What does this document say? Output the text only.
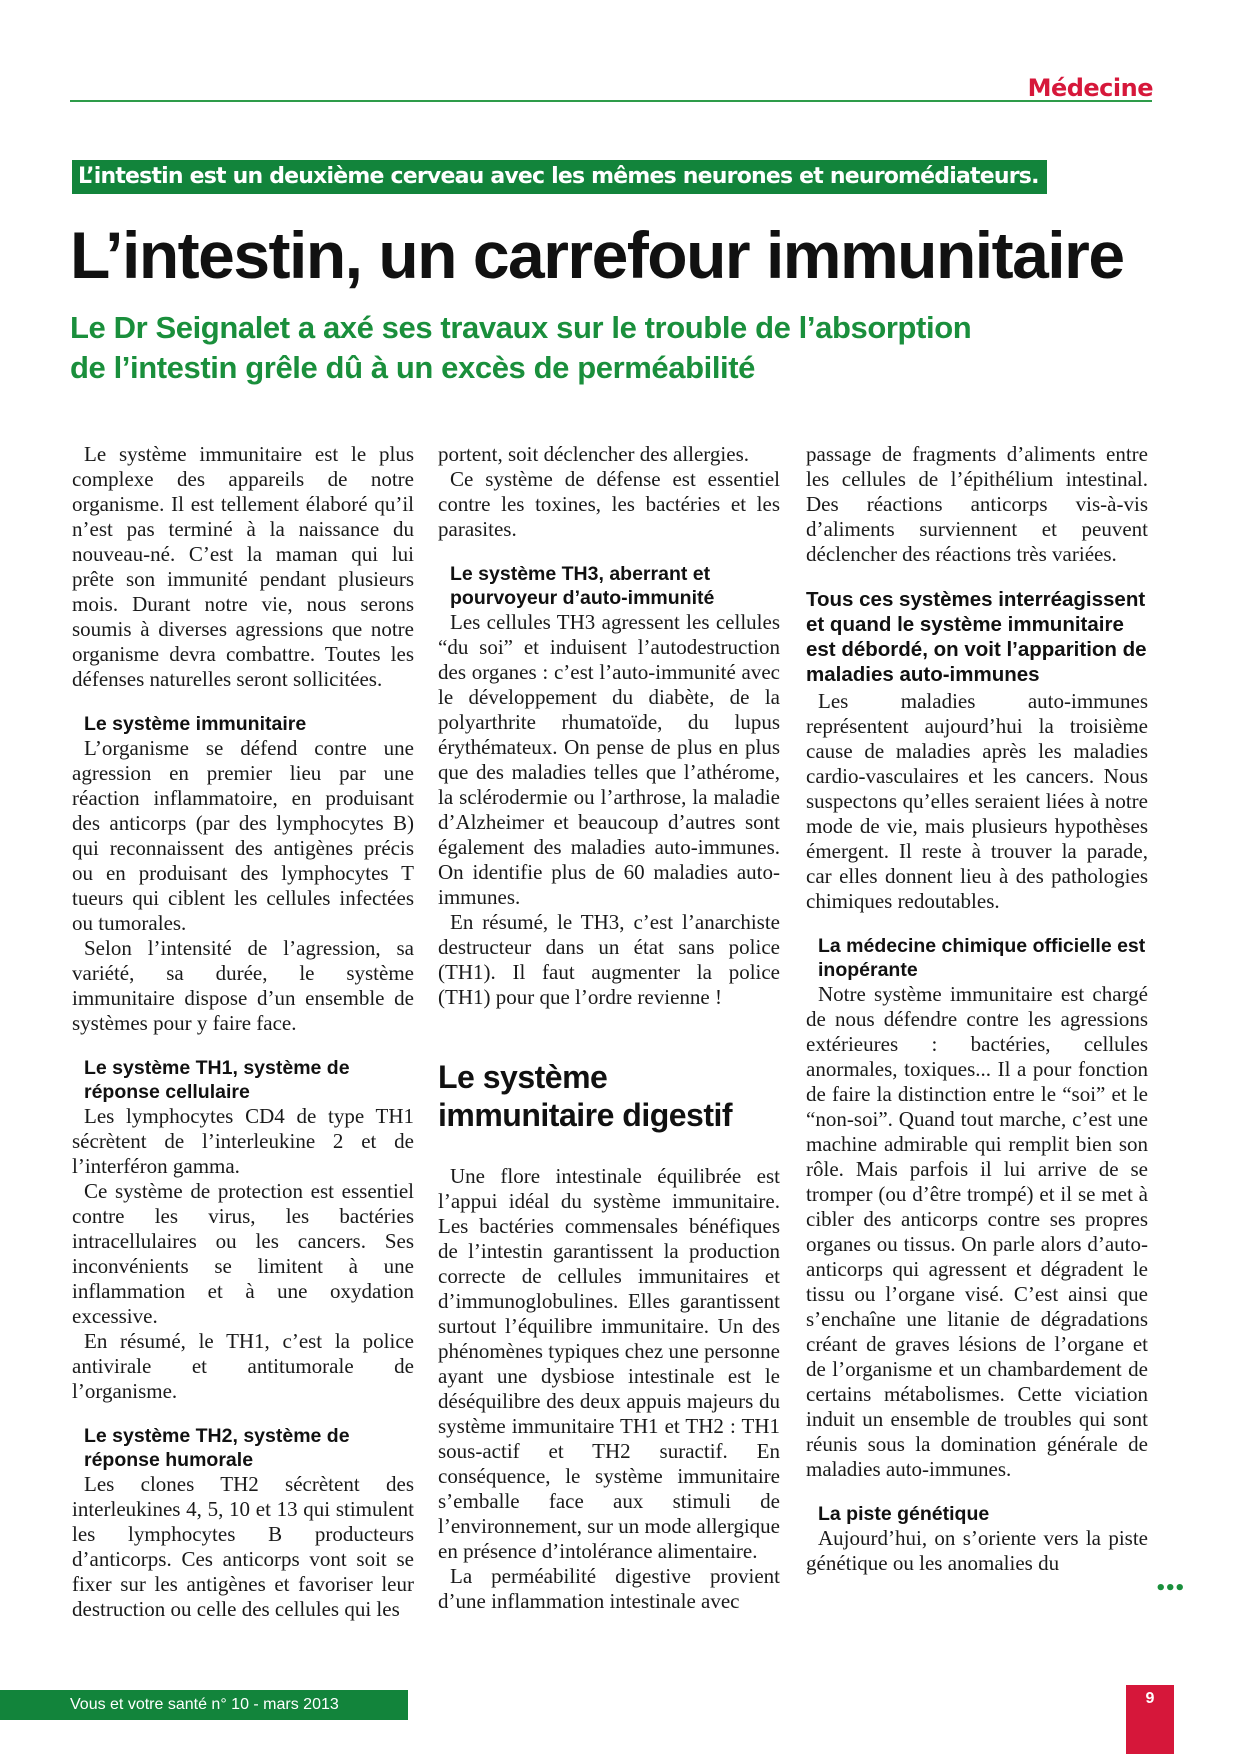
Médecine
L’intestin est un deuxième cerveau avec les mêmes neurones et neuromédiateurs.
L’intestin, un carrefour immunitaire
Le Dr Seignalet a axé ses travaux sur le trouble de l’absorption
de l’intestin grêle dû à un excès de perméabilité

Le système immunitaire est le plus complexe des appareils de notre organisme. Il est tellement élaboré qu’il n’est pas terminé à la naissance du nouveau-né. C’est la maman qui lui prête son immunité pendant plusieurs mois. Durant notre vie, nous serons soumis à diverses agressions que notre organisme devra combattre. Toutes les défenses naturelles seront sollicitées.

Le système immunitaire

L’organisme se défend contre une agression en premier lieu par une réaction inflammatoire, en produisant des anticorps (par des lymphocytes B) qui reconnaissent des antigènes précis ou en produisant des lymphocytes T tueurs qui ciblent les cellules infectées ou tumorales.

Selon l’intensité de l’agression, sa variété, sa durée, le système immunitaire dispose d’un ensemble de systèmes pour y faire face.

Le système TH1, système de réponse cellulaire

Les lymphocytes CD4 de type TH1 sécrètent de l’interleukine 2 et de l’interféron gamma.

Ce système de protection est essentiel contre les virus, les bactéries intracellulaires ou les cancers. Ses inconvénients se limitent à une inflammation et à une oxydation excessive.

En résumé, le TH1, c’est la police antivirale et antitumorale de l’organisme.

Le système TH2, système de réponse humorale

Les clones TH2 sécrètent des interleukines 4, 5, 10 et 13 qui stimulent les lymphocytes B producteurs d’anticorps. Ces anticorps vont soit se fixer sur les antigènes et favoriser leur destruction ou celle des cellules qui les

portent, soit déclencher des allergies.

Ce système de défense est essentiel contre les toxines, les bactéries et les parasites.

Le système TH3, aberrant et pourvoyeur d’auto-immunité

Les cellules TH3 agressent les cellules “du soi” et induisent l’autodestruction des organes : c’est l’auto-immunité avec le développement du diabète, de la polyarthrite rhumatoïde, du lupus érythémateux. On pense de plus en plus que des maladies telles que l’athérome, la sclérodermie ou l’arthrose, la maladie d’Alzheimer et beaucoup d’autres sont également des maladies auto-immunes. On identifie plus de 60 maladies auto-immunes.

En résumé, le TH3, c’est l’anarchiste destructeur dans un état sans police (TH1). Il faut augmenter la police (TH1) pour que l’ordre revienne !

Le système
immunitaire digestif

Une flore intestinale équilibrée est l’appui idéal du système immunitaire. Les bactéries commensales bénéfiques de l’intestin garantissent la production correcte de cellules immunitaires et d’immunoglobulines. Elles garantissent surtout l’équilibre immunitaire. Un des phénomènes typiques chez une personne ayant une dysbiose intestinale est le déséquilibre des deux appuis majeurs du système immunitaire TH1 et TH2 : TH1 sous-actif et TH2 suractif. En conséquence, le système immunitaire s’emballe face aux stimuli de l’environnement, sur un mode allergique en présence d’intolérance alimentaire.

La perméabilité digestive provient d’une inflammation intestinale avec

passage de fragments d’aliments entre les cellules de l’épithélium intestinal. Des réactions anticorps vis-à-vis d’aliments surviennent et peuvent déclencher des réactions très variées.

Tous ces systèmes interréagissent et quand le système immunitaire est débordé, on voit l’apparition de maladies auto-immunes

Les maladies auto-immunes représentent aujourd’hui la troisième cause de maladies après les maladies cardio-vasculaires et les cancers. Nous suspectons qu’elles seraient liées à notre mode de vie, mais plusieurs hypothèses émergent. Il reste à trouver la parade, car elles donnent lieu à des pathologies chimiques redoutables.

La médecine chimique officielle est inopérante

Notre système immunitaire est chargé de nous défendre contre les agressions extérieures : bactéries, cellules anormales, toxiques... Il a pour fonction de faire la distinction entre le “soi” et le “non-soi”. Quand tout marche, c’est une machine admirable qui remplit bien son rôle. Mais parfois il lui arrive de se tromper (ou d’être trompé) et il se met à cibler des anticorps contre ses propres organes ou tissus. On parle alors d’auto-anticorps qui agressent et dégradent le tissu ou l’organe visé. C’est ainsi que s’enchaîne une litanie de dégradations créant de graves lésions de l’organe et de l’organisme et un chambardement de certains métabolismes. Cette viciation induit un ensemble de troubles qui sont réunis sous la domination générale de maladies auto-immunes.

La piste génétique

Aujourd’hui, on s’oriente vers la piste génétique ou les anomalies du

•••
Vous et votre santé n° 10 - mars 2013	9
